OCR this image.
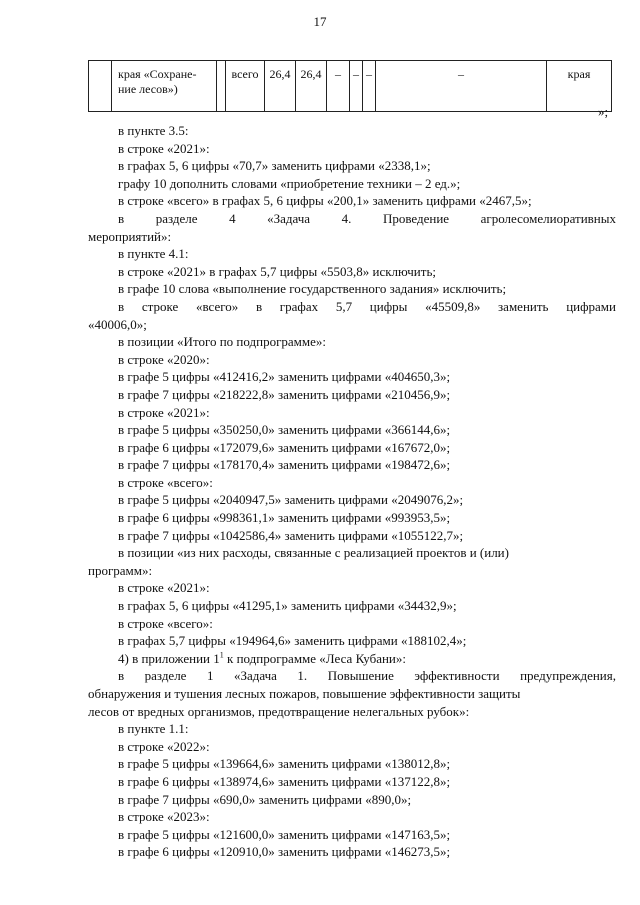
17
	края «Сохране-
ние лесов»)		всего	26,4	26,4	–	–	–	–	края
»;
в пункте 3.5:
в строке «2021»:
в графах 5, 6 цифры «70,7» заменить цифрами «2338,1»;
графу 10 дополнить словами «приобретение техники – 2 ед.»;
в строке «всего» в графах 5, 6 цифры «200,1» заменить цифрами «2467,5»;
в разделе 4 «Задача 4. Проведение агролесомелиоративных
мероприятий»:
в пункте 4.1:
в строке «2021» в графах 5,7 цифры «5503,8» исключить;
в графе 10 слова «выполнение государственного задания» исключить;
в строке «всего» в графах 5,7 цифры «45509,8» заменить цифрами
«40006,0»;
в позиции «Итого по подпрограмме»:
в строке «2020»:
в графе 5 цифры «412416,2» заменить цифрами «404650,3»;
в графе 7 цифры «218222,8» заменить цифрами «210456,9»;
в строке «2021»:
в графе 5 цифры «350250,0» заменить цифрами «366144,6»;
в графе 6 цифры «172079,6» заменить цифрами «167672,0»;
в графе 7 цифры «178170,4» заменить цифрами «198472,6»;
в строке «всего»:
в графе 5 цифры «2040947,5» заменить цифрами «2049076,2»;
в графе 6 цифры «998361,1» заменить цифрами «993953,5»;
в графе 7 цифры «1042586,4» заменить цифрами «1055122,7»;
в позиции «из них расходы, связанные с реализацией проектов и (или)
программ»:
в строке «2021»:
в графах 5, 6 цифры «41295,1» заменить цифрами «34432,9»;
в строке «всего»:
в графах 5,7 цифры «194964,6» заменить цифрами «188102,4»;
4) в приложении $1^1$ к подпрограмме «Леса Кубани»:
в разделе 1 «Задача 1. Повышение эффективности предупреждения,
обнаружения и тушения лесных пожаров, повышение эффективности защиты
лесов от вредных организмов, предотвращение нелегальных рубок»:
в пункте 1.1:
в строке «2022»:
в графе 5 цифры «139664,6» заменить цифрами «138012,8»;
в графе 6 цифры «138974,6» заменить цифрами «137122,8»;
в графе 7 цифры «690,0» заменить цифрами «890,0»;
в строке «2023»:
в графе 5 цифры «121600,0» заменить цифрами «147163,5»;
в графе 6 цифры «120910,0» заменить цифрами «146273,5»;
